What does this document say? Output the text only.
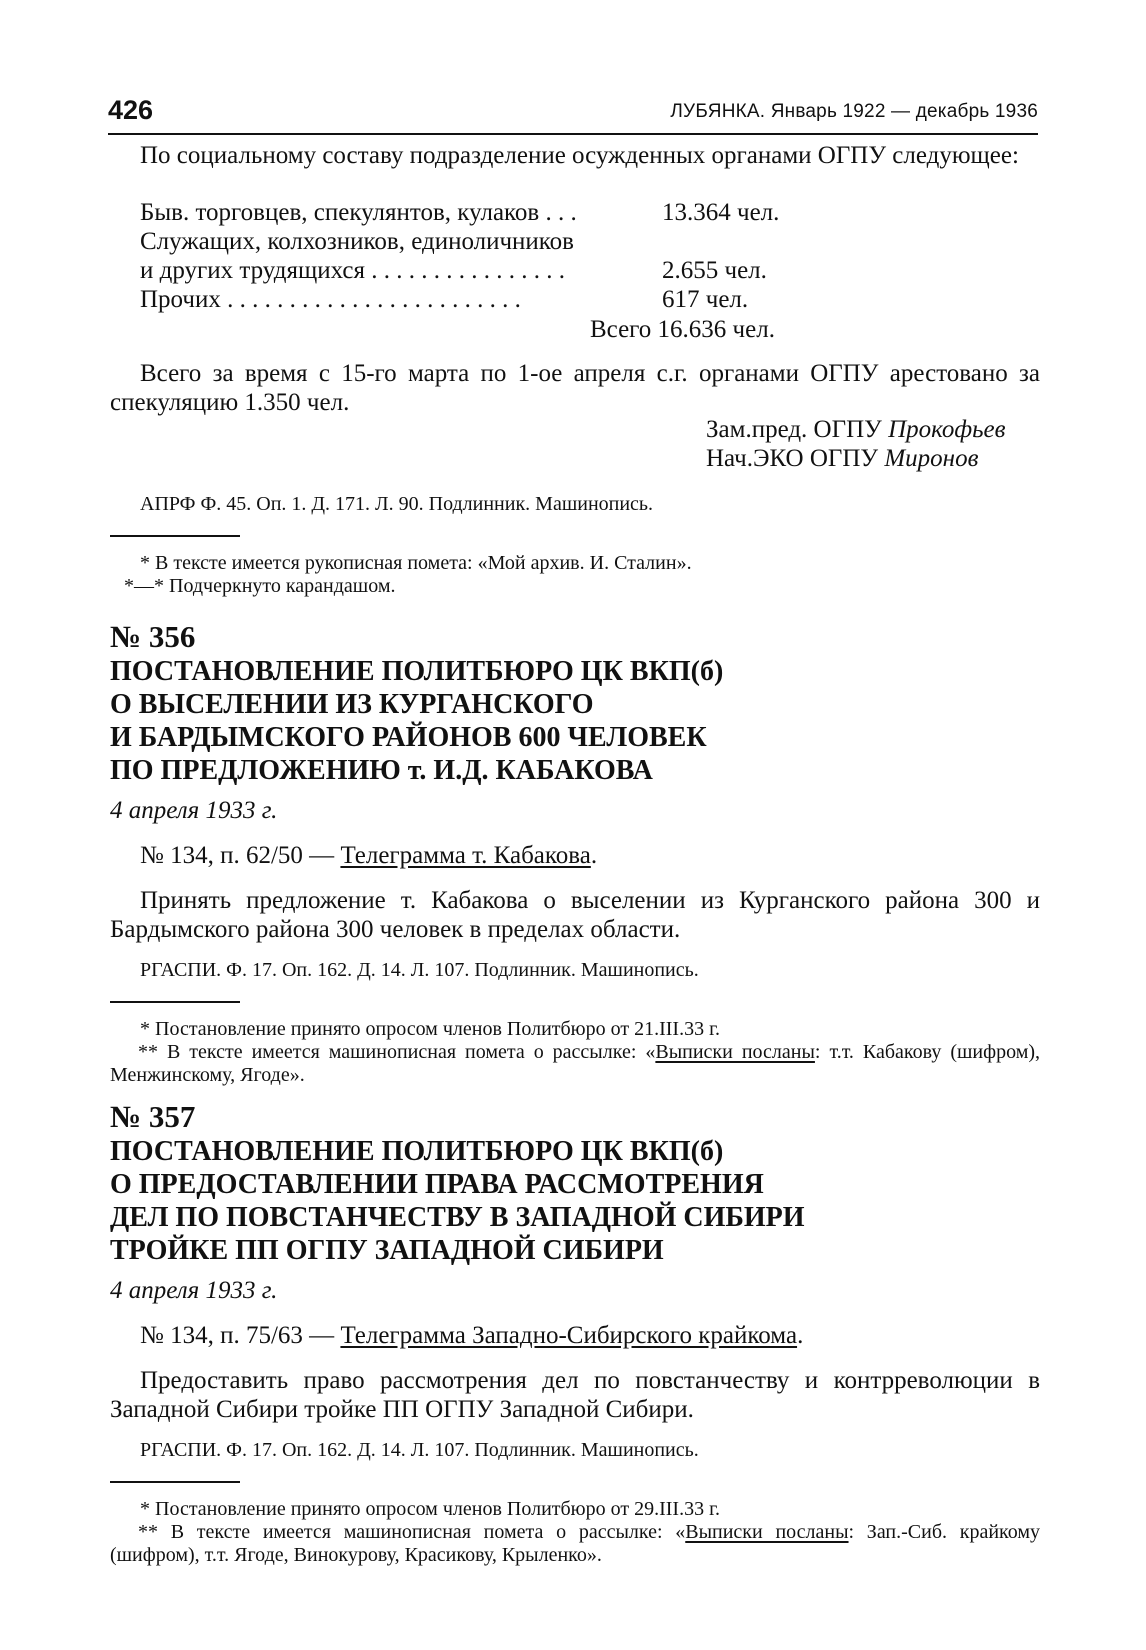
426	ЛУБЯНКА. Январь 1922 — декабрь 1936

По социальному составу подразделение осужденных органами ОГПУ следующее:

Быв. торговцев, спекулянтов, кулаков . . .	13.364 чел.
Служащих, колхозников, единоличников
и других трудящихся . . . . . . . . . . . . . . . .	2.655 чел.
Прочих . . . . . . . . . . . . . . . . . . . . . . . .	617 чел.
Всего 16.636 чел.

Всего за время с 15-го марта по 1-ое апреля с.г. органами ОГПУ арестовано за спекуляцию 1.350 чел.

Зам.пред. ОГПУ Прокофьев
Нач.ЭКО ОГПУ Миронов
АПРФ Ф. 45. Оп. 1. Д. 171. Л. 90. Подлинник. Машинопись.
* В тексте имеется рукописная помета: «Мой архив. И. Сталин».
*—* Подчеркнуто карандашом.
№ 356
ПОСТАНОВЛЕНИЕ ПОЛИТБЮРО ЦК ВКП(б)
О ВЫСЕЛЕНИИ ИЗ КУРГАНСКОГО
И БАРДЫМСКОГО РАЙОНОВ 600 ЧЕЛОВЕК
ПО ПРЕДЛОЖЕНИЮ т. И.Д. КАБАКОВА
4 апреля 1933 г.
№ 134, п. 62/50 — Телеграмма т. Кабакова.

Принять предложение т. Кабакова о выселении из Курганского района 300 и Бардымского района 300 человек в пределах области.

РГАСПИ. Ф. 17. Оп. 162. Д. 14. Л. 107. Подлинник. Машинопись.
* Постановление принято опросом членов Политбюро от 21.III.33 г.

** В тексте имеется машинописная помета о рассылке: «Выписки посланы: т.т. Кабакову (шифром), Менжинскому, Ягоде».

№ 357
ПОСТАНОВЛЕНИЕ ПОЛИТБЮРО ЦК ВКП(б)
О ПРЕДОСТАВЛЕНИИ ПРАВА РАССМОТРЕНИЯ
ДЕЛ ПО ПОВСТАНЧЕСТВУ В ЗАПАДНОЙ СИБИРИ
ТРОЙКЕ ПП ОГПУ ЗАПАДНОЙ СИБИРИ
4 апреля 1933 г.
№ 134, п. 75/63 — Телеграмма Западно-Сибирского крайкома.

Предоставить право рассмотрения дел по повстанчеству и контрреволюции в Западной Сибири тройке ПП ОГПУ Западной Сибири.

РГАСПИ. Ф. 17. Оп. 162. Д. 14. Л. 107. Подлинник. Машинопись.
* Постановление принято опросом членов Политбюро от 29.III.33 г.

** В тексте имеется машинописная помета о рассылке: «Выписки посланы: Зап.-Сиб. крайкому (шифром), т.т. Ягоде, Винокурову, Красикову, Крыленко».
